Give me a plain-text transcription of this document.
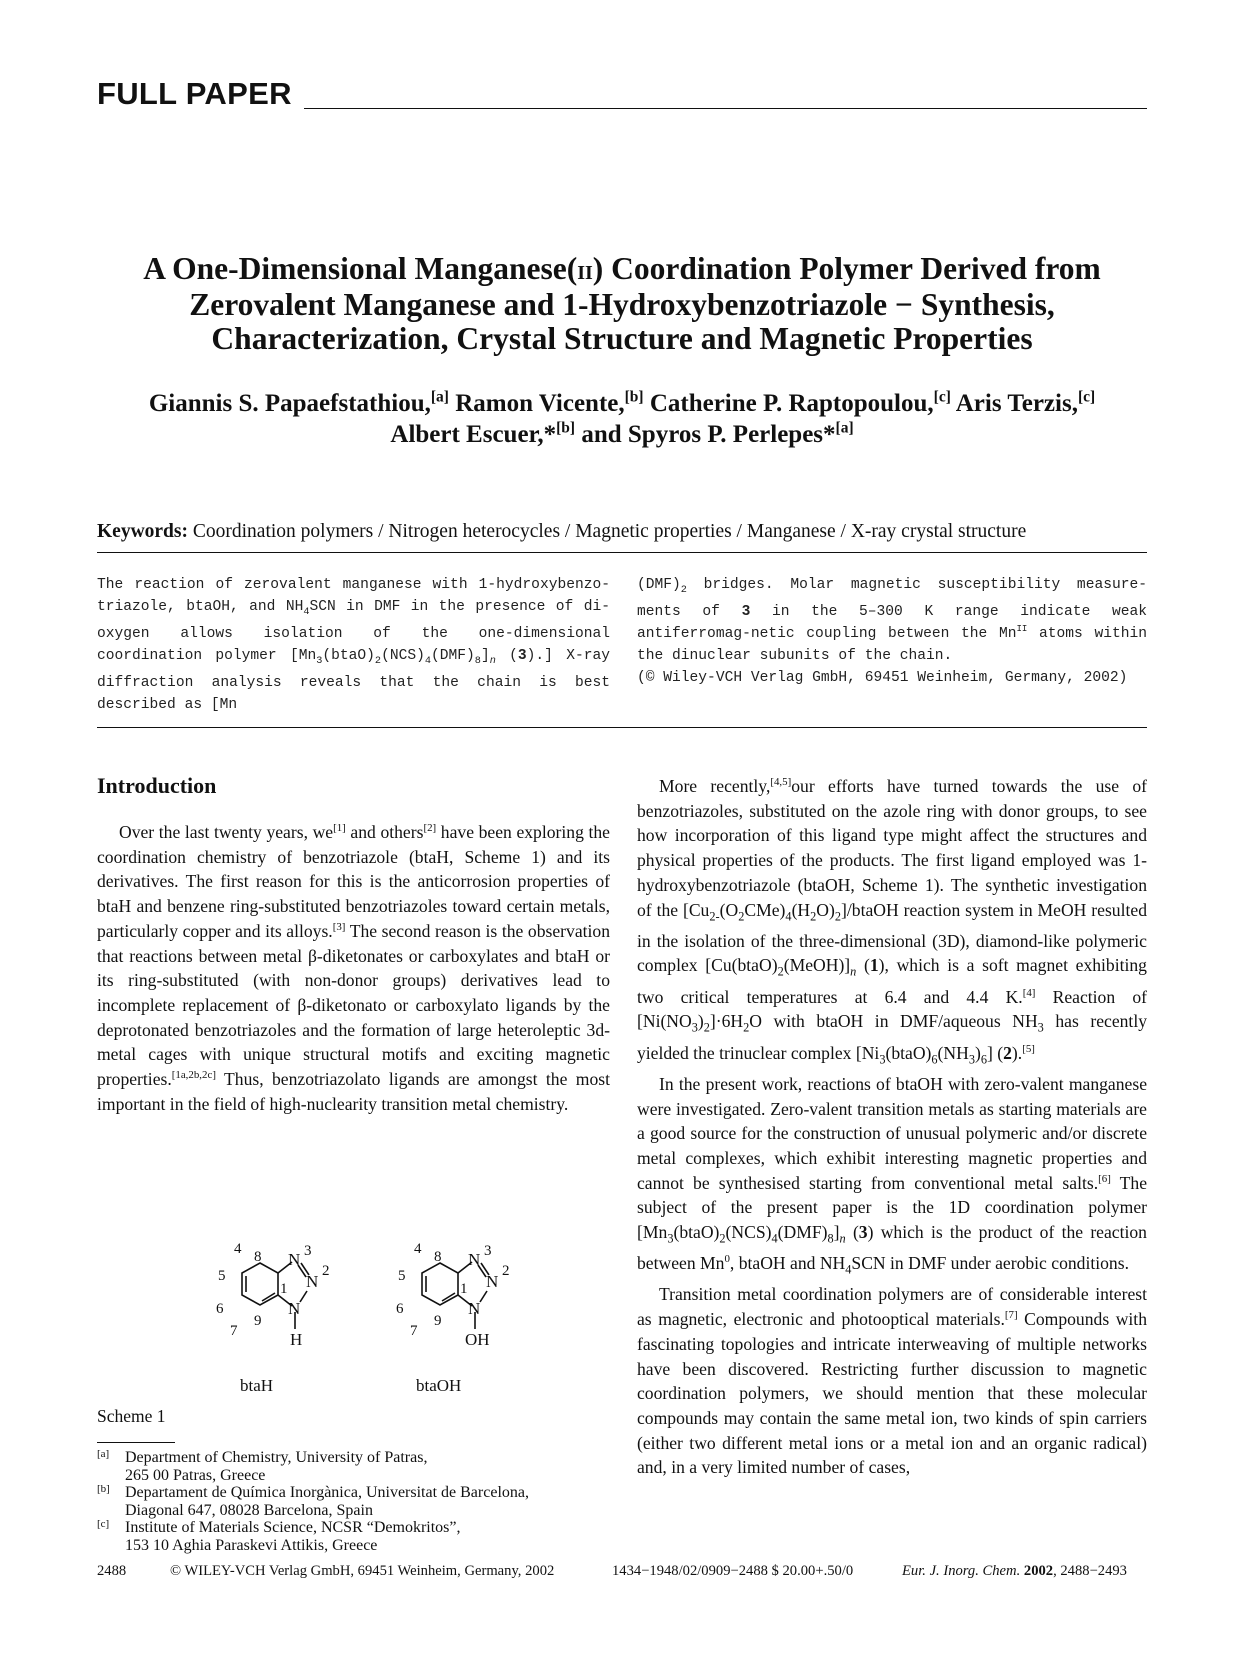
FULL PAPER
A One-Dimensional Manganese(ii) Coordination Polymer Derived from
Zerovalent Manganese and 1-Hydroxybenzotriazole − Synthesis,
Characterization, Crystal Structure and Magnetic Properties
Giannis S. Papaefstathiou,[a] Ramon Vicente,[b] Catherine P. Raptopoulou,[c] Aris Terzis,[c]
Albert Escuer,*[b] and Spyros P. Perlepes*[a]
Keywords: Coordination polymers / Nitrogen heterocycles / Magnetic properties / Manganese / X-ray crystal structure
The reaction of zerovalent manganese with 1-hydroxybenzo-triazole, btaOH, and $NH_4SCN$ in DMF in the presence of di-oxygen allows isolation of the one-dimensional coordination polymer $[Mn_3(btaO)_2(NCS)_4(DMF)_8]_n$ (3).] X-ray diffraction analysis reveals that the chain is best described as [Mn
$(DMF)_2$ bridges. Molar magnetic susceptibility measure-ments of 3 in the 5–300 K range indicate weak antiferromag-netic coupling between the $Mn^{II}$ atoms within the dinuclear subunits of the chain.
(© Wiley-VCH Verlag GmbH, 69451 Weinheim, Germany, 2002)
Introduction

Over the last twenty years, we[1] and others[2] have been exploring the coordination chemistry of benzotriazole (btaH, Scheme 1) and its derivatives. The first reason for this is the anticorrosion properties of btaH and benzene ring-substituted benzotriazoles toward certain metals, particularly copper and its alloys.[3] The second reason is the observation that reactions between metal β-diketonates or carboxylates and btaH or its ring-substituted (with non-donor groups) derivatives lead to incomplete replacement of β-diketonato or carboxylato ligands by the deprotonated benzotriazoles and the formation of large heteroleptic 3d-metal cages with unique structural motifs and exciting magnetic properties.[1a,2b,2c] Thus, benzotriazolato ligands are amongst the most important in the field of high-nuclearity transition metal chemistry.

N
N
N
H
3
2
1
4
5
6
7
8
9
N
N
N
OH
3
2
1
4
5
6
7
8
9
btaH	btaOH
Scheme 1
[a] Department of Chemistry, University of Patras,
265 00 Patras, Greece
[b] Departament de Química Inorgànica, Universitat de Barcelona,
Diagonal 647, 08028 Barcelona, Spain
[c] Institute of Materials Science, NCSR “Demokritos”,
153 10 Aghia Paraskevi Attikis, Greece

More recently,[4,5]our efforts have turned towards the use of benzotriazoles, substituted on the azole ring with donor groups, to see how incorporation of this ligand type might affect the structures and physical properties of the products. The first ligand employed was 1-hydroxybenzotriazole (btaOH, Scheme 1). The synthetic investigation of the $[Cu_{2-}(O_2CMe)_4(H_2O)_2]$/btaOH reaction system in MeOH resulted in the isolation of the three-dimensional (3D), diamond-like polymeric complex $[Cu(btaO)_2(MeOH)]_n$ (1), which is a soft magnet exhibiting two critical temperatures at 6.4 and 4.4 K.[4] Reaction of $[Ni(NO_3)_2]\cdot 6H_2O$ with btaOH in DMF/aqueous $NH_3$ has recently yielded the trinuclear complex $[Ni_3(btaO)_6(NH_3)_6]$ (2).[5]

In the present work, reactions of btaOH with zero-valent manganese were investigated. Zero-valent transition metals as starting materials are a good source for the construction of unusual polymeric and/or discrete metal complexes, which exhibit interesting magnetic properties and cannot be synthesised starting from conventional metal salts.[6] The subject of the present paper is the 1D coordination polymer $[Mn_3(btaO)_2(NCS)_4(DMF)_8]_n$ (3) which is the product of the reaction between Mn$^0$, btaOH and $NH_4SCN$ in DMF under aerobic conditions.

Transition metal coordination polymers are of considerable interest as magnetic, electronic and photooptical materials.[7] Compounds with fascinating topologies and intricate interweaving of multiple networks have been discovered. Restricting further discussion to magnetic coordination polymers, we should mention that these molecular compounds may contain the same metal ion, two kinds of spin carriers (either two different metal ions or a metal ion and an organic radical) and, in a very limited number of cases,

2488	© WILEY-VCH Verlag GmbH, 69451 Weinheim, Germany, 2002	1434−1948/02/0909−2488 $ 20.00+.50/0	Eur. J. Inorg. Chem. 2002, 2488−2493
